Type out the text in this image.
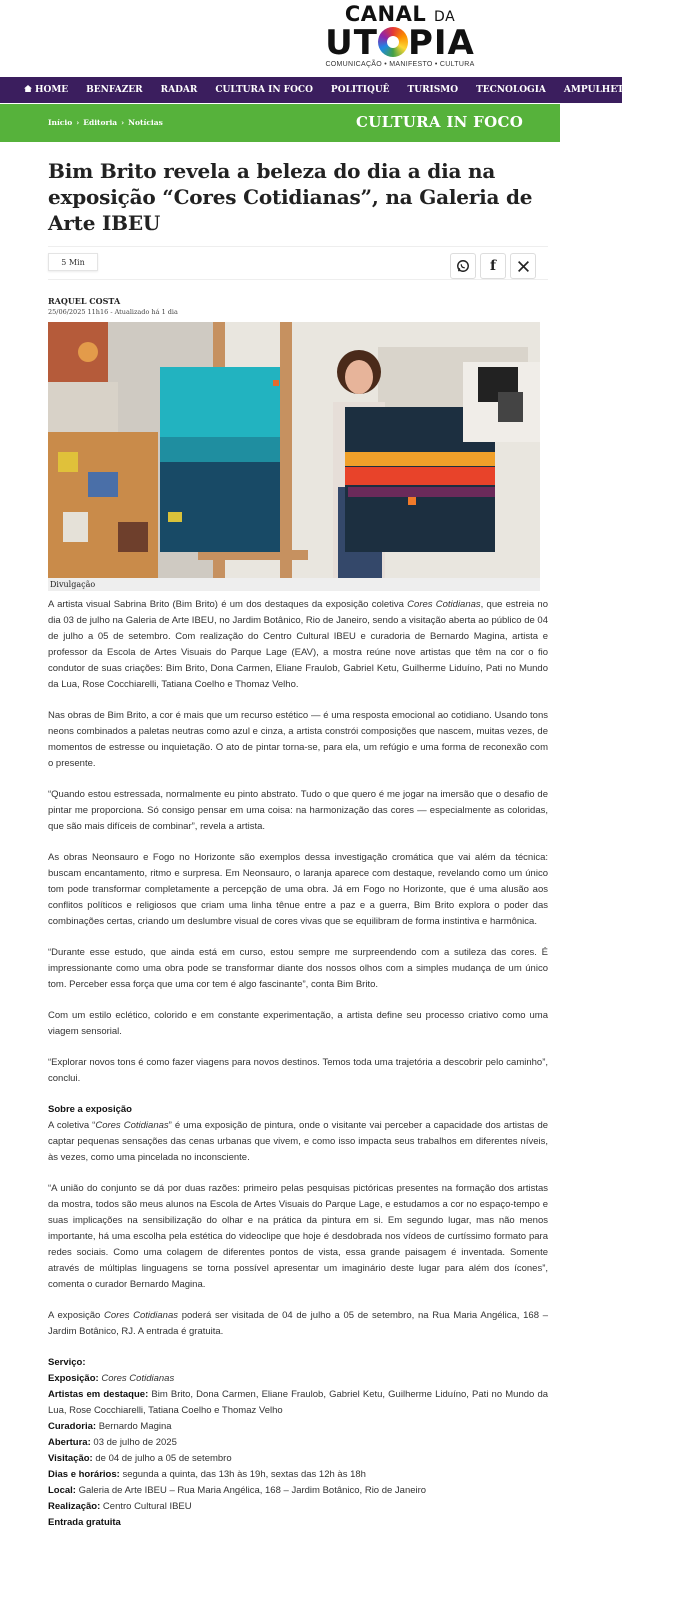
CANAL DA
UT PIA
COMUNICAÇÃO • MANIFESTO • CULTURA
HOME BENFAZER RADAR CULTURA IN FOCO POLITIQUÊ TURISMO TECNOLOGIA AMPULHETA PODCAS
Início › Editoria › Notícias	CULTURA IN FOCO
Bim Brito revela a beleza do dia a dia na exposição “Cores Cotidianas”, na Galeria de Arte IBEU
5 Min	f
RAQUEL COSTA
25/06/2025 11h16 - Atualizado há 1 dia
Divulgação

A artista visual Sabrina Brito (Bim Brito) é um dos destaques da exposição coletiva Cores Cotidianas, que estreia no dia 03 de julho na Galeria de Arte IBEU, no Jardim Botânico, Rio de Janeiro, sendo a visitação aberta ao público de 04 de julho a 05 de setembro. Com realização do Centro Cultural IBEU e curadoria de Bernardo Magina, artista e professor da Escola de Artes Visuais do Parque Lage (EAV), a mostra reúne nove artistas que têm na cor o fio condutor de suas criações: Bim Brito, Dona Carmen, Eliane Fraulob, Gabriel Ketu, Guilherme Liduíno, Pati no Mundo da Lua, Rose Cocchiarelli, Tatiana Coelho e Thomaz Velho.

Nas obras de Bim Brito, a cor é mais que um recurso estético — é uma resposta emocional ao cotidiano. Usando tons neons combinados a paletas neutras como azul e cinza, a artista constrói composições que nascem, muitas vezes, de momentos de estresse ou inquietação. O ato de pintar torna-se, para ela, um refúgio e uma forma de reconexão com o presente.

“Quando estou estressada, normalmente eu pinto abstrato. Tudo o que quero é me jogar na imersão que o desafio de pintar me proporciona. Só consigo pensar em uma coisa: na harmonização das cores — especialmente as coloridas, que são mais difíceis de combinar”, revela a artista.

As obras Neonsauro e Fogo no Horizonte são exemplos dessa investigação cromática que vai além da técnica: buscam encantamento, ritmo e surpresa. Em Neonsauro, o laranja aparece com destaque, revelando como um único tom pode transformar completamente a percepção de uma obra. Já em Fogo no Horizonte, que é uma alusão aos conflitos políticos e religiosos que criam uma linha tênue entre a paz e a guerra, Bim Brito explora o poder das combinações certas, criando um deslumbre visual de cores vivas que se equilibram de forma instintiva e harmônica.

“Durante esse estudo, que ainda está em curso, estou sempre me surpreendendo com a sutileza das cores. É impressionante como uma obra pode se transformar diante dos nossos olhos com a simples mudança de um único tom. Perceber essa força que uma cor tem é algo fascinante”, conta Bim Brito.

Com um estilo eclético, colorido e em constante experimentação, a artista define seu processo criativo como uma viagem sensorial.

“Explorar novos tons é como fazer viagens para novos destinos. Temos toda uma trajetória a descobrir pelo caminho”, conclui.

Sobre a exposição

A coletiva “Cores Cotidianas” é uma exposição de pintura, onde o visitante vai perceber a capacidade dos artistas de captar pequenas sensações das cenas urbanas que vivem, e como isso impacta seus trabalhos em diferentes níveis, às vezes, como uma pincelada no inconsciente.

“A união do conjunto se dá por duas razões: primeiro pelas pesquisas pictóricas presentes na formação dos artistas da mostra, todos são meus alunos na Escola de Artes Visuais do Parque Lage, e estudamos a cor no espaço-tempo e suas implicações na sensibilização do olhar e na prática da pintura em si. Em segundo lugar, mas não menos importante, há uma escolha pela estética do videoclipe que hoje é desdobrada nos vídeos de curtíssimo formato para redes sociais. Como uma colagem de diferentes pontos de vista, essa grande paisagem é inventada. Somente através de múltiplas linguagens se torna possível apresentar um imaginário deste lugar para além dos ícones”, comenta o curador Bernardo Magina.

A exposição Cores Cotidianas poderá ser visitada de 04 de julho a 05 de setembro, na Rua Maria Angélica, 168 – Jardim Botânico, RJ. A entrada é gratuita.

Serviço:
Exposição: Cores Cotidianas
Artistas em destaque: Bim Brito, Dona Carmen, Eliane Fraulob, Gabriel Ketu, Guilherme Liduíno, Pati no Mundo da Lua, Rose Cocchiarelli, Tatiana Coelho e Thomaz Velho
Curadoria: Bernardo Magina
Abertura: 03 de julho de 2025
Visitação: de 04 de julho a 05 de setembro
Dias e horários: segunda a quinta, das 13h às 19h, sextas das 12h às 18h
Local: Galeria de Arte IBEU – Rua Maria Angélica, 168 – Jardim Botânico, Rio de Janeiro
Realização: Centro Cultural IBEU
Entrada gratuita
